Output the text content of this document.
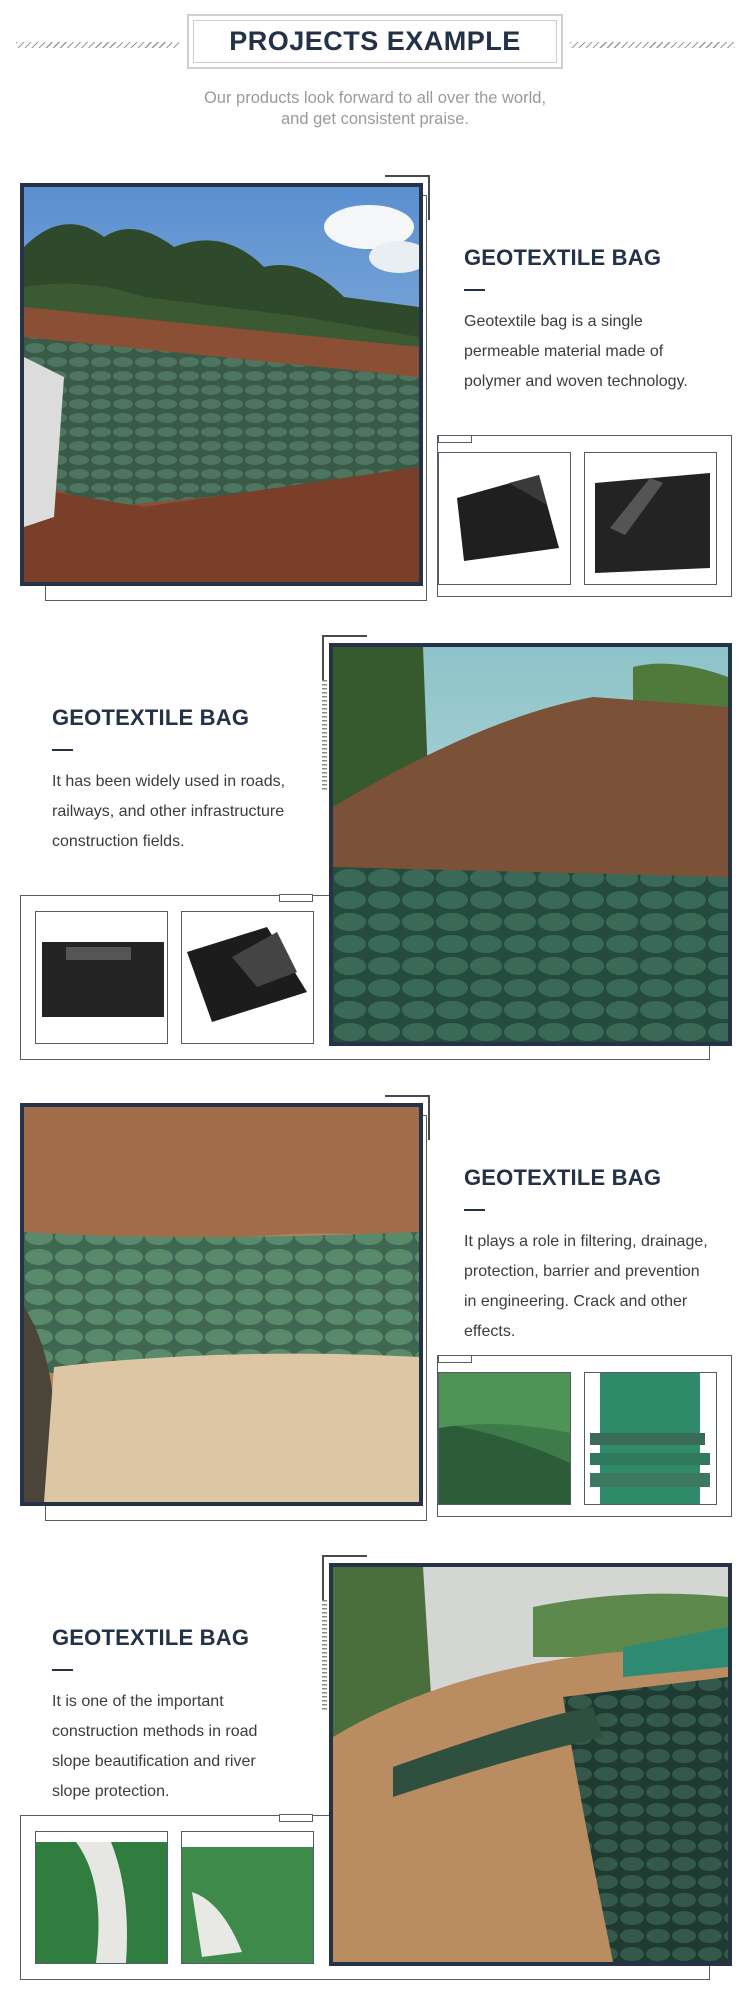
PROJECTS EXAMPLE
Our products look forward to all over the world,
and get consistent praise.
GEOTEXTILE BAG
Geotextile bag is a single
permeable material made of
polymer and woven technology.
GEOTEXTILE BAG
It has been widely used in roads,
railways, and other infrastructure
construction fields.
GEOTEXTILE BAG
It plays a role in filtering, drainage,
protection, barrier and prevention
in engineering. Crack and other
effects.
GEOTEXTILE BAG
It is one of the important
construction methods in road
slope beautification and river
slope protection.
